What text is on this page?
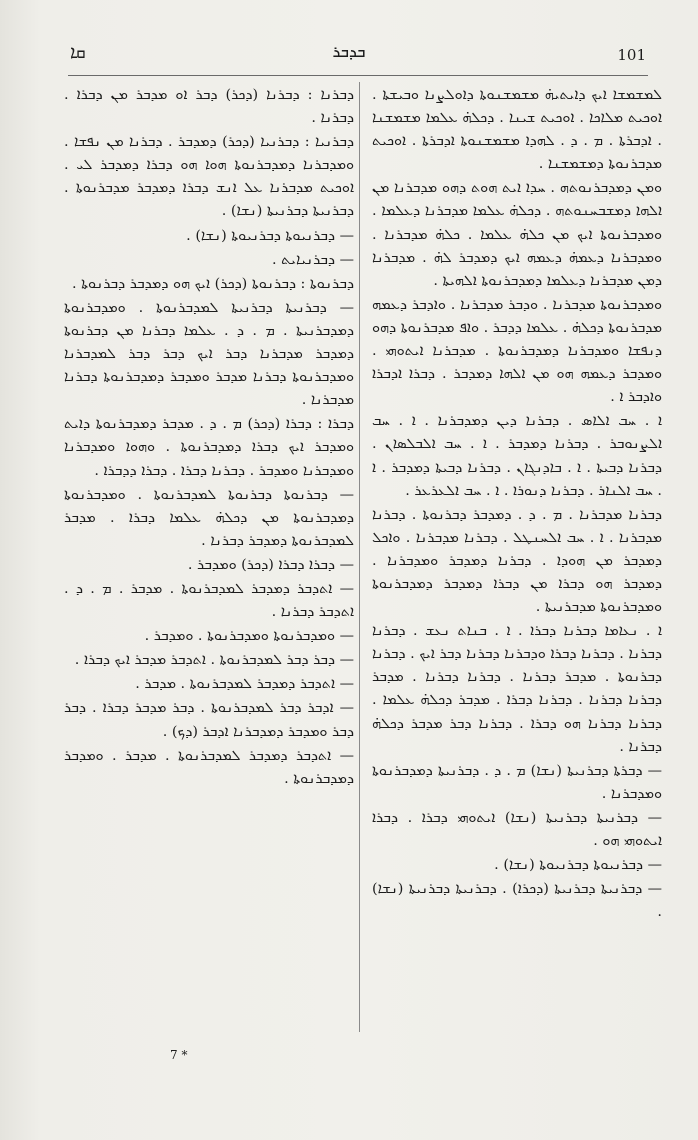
ܩܐ	ܒܕܒܪ	101

ܕܒܪܢܐ : ܕܒܪܢܐ (ܕܟܪ) ܕܒܪ ܐܘ ܡܕܒܪ ܡܢ ܕܒܪܐ . ܕܒܪܢܐ .

ܕܒܪܢܝܐ : ܕܒܪܢܝܐ (ܕܟܪ) ܕܡܕܒܪ . ܕܒܪܢܐ ܡܢ ܢܦܫܐ . ܘܡܕܒܪܢܐ ܕܡܕܒܪܢܘܬܐ ܗܘܐ ܗܘ ܕܒܪܐ ܕܡܕܒܪ ܠܝ . ܐܘܟܝܬ ܡܕܒܪܢܐ ܥܠ ܐܢܫ ܕܒܪܐ ܕܡܕܒܪ ܡܕܒܪܢܘܬܐ . ܕܒܪܢܝܬܐ ܕܒܪܢܝܬܐ (ܢܫܐ) .

— ܕܒܪܢܝܘܬܐ ܕܒܪܢܝܘܬܐ (ܢܫܐ) .

— ܕܒܪܢܝܐܝܬ .

ܕܒܪܢܘܬܐ : ܕܒܪܢܘܬܐ (ܕܟܪ) ܐܝܟ ܗܘ ܕܡܕܒܪ ܕܒܪܢܘܬܐ .

— ܕܒܪܢܝܬܐ ܕܒܪܢܝܬܐ ܠܡܕܒܪܢܘܬܐ . ܘܡܕܒܪܢܘܬܐ ܕܡܕܒܪܢܝܬܐ . ܡ . ܕ . ܥܠܡܐ ܕܒܪܢܐ ܡܢ ܕܒܪܢܘܬܐ ܕܡܕܒܪ ܡܕܒܪܢܐ ܕܒܪ ܐܝܟ ܕܒܪ ܕܒܪ ܠܡܕܒܪܢܐ ܘܡܕܒܪܢܘܬܐ ܕܒܪܢܐ ܡܕܒܪ ܘܡܕܒܪ ܕܡܕܒܪܢܘܬܐ ܕܒܪܢܐ ܡܕܒܪܢܐ .

ܕܒܪܐ : ܕܒܪܐ (ܕܟܪ) ܡ . ܕ . ܡܕܒܪ ܕܡܕܒܪܢܘܬܐ ܕܐܝܬ ܘܡܕܒܪ ܐܝܟ ܕܒܪܐ ܕܡܕܒܪܢܘܬܐ . ܘܗܘܐ ܘܡܕܒܪܢܐ ܘܡܕܒܪܢܐ ܘܡܕܒܪ . ܕܒܪܢܐ ܕܒܪܐ . ܕܒܪܐ ܕܕܒܪܐ .

— ܕܒܪܢܘܬܐ ܕܒܪܢܘܬܐ ܠܡܕܒܪܢܘܬܐ . ܘܡܕܒܪܢܘܬܐ ܕܡܕܒܪܢܘܬܐ ܡܢ ܕܟܠܗ̇ ܥܠܡܐ ܕܒܪܐ . ܡܕܒܪ ܠܡܕܒܪܢܘܬܐ ܕܡܕܒܪ ܕܒܪܢܐ .

— ܕܒܪܐ ܕܒܪܐ (ܕܟܪ) ܘܡܕܒܪ .

— ܐܬܕܒܪ ܕܡܕܒܪ ܠܡܕܒܪܢܘܬܐ . ܡܕܒܪ . ܡ . ܕ . ܐܬܕܒܪ ܕܒܪܢܐ .

— ܘܡܕܒܪܢܘܬܐ ܘܡܕܒܪܢܘܬܐ . ܘܡܕܒܪ .

— ܕܒܪ ܕܒܪ ܠܡܕܒܪܢܘܬܐ . ܐܬܕܒܪ ܡܕܒܪ ܐܝܟ ܕܒܪܐ .

— ܐܬܕܒܪ ܕܡܕܒܪ ܠܡܕܒܪܢܘܬܐ . ܡܕܒܪ .

— ܐܕܒܪ ܕܒܪ ܠܡܕܒܪܢܘܬܐ . ܕܒܪ ܡܕܒܪ ܕܒܪܐ . ܕܒܪ ܕܒܪ ܘܡܕܒܪ ܕܡܕܒܪܢܐ ܐܕܒܪ (ܕܟ) .

— ܐܬܕܒܪ ܕܡܕܒܪ ܠܡܕܒܪܢܘܬܐ . ܡܕܒܪ . ܘܡܕܒܪ ܕܡܕܒܪܢܘܬܐ .

ܠܡܫܡܫܐ ܐܝܟ ܕܐܝܬܝܗ̇ ܡܫܡܫܢܘܬܐ ܕܐܘܠܨܢܐ ܘܒܝܫܬܐ . ܐܘܟܝܬ ܡܠܐܟܐ . ܐܘܟܝܬ ܫܝܢܐ . ܕܟܠܗ̇ ܥܠܡܐ ܡܫܡܫܢܐ . ܐܕܒܪܬܐ . ܡ . ܕ . ܠܗܕܐ ܡܫܡܫܢܘܬܐ ܐܕܒܪܬܐ . ܐܘܟܝܬ ܡܕܒܪܢܘܬܐ ܕܡܫܡܫܢܐ .

ܘܡܢ ܕܡܕܒܪܢܘܬܗ . ܚܕܐ ܐܝܬ ܗܘܬ ܕܗܘ ܡܕܒܪܢܐ ܡܢ ܐܠܗܐ ܕܡܫܒܚܢܘܬܗ . ܕܟܠܗ̇ ܥܠܡܐ ܡܕܒܪܢܐ ܕܥܠܡܐ . ܘܡܕܒܪܢܘܬܐ ܐܝܟ ܡܢ ܟܠܗ̇ ܥܠܡܐ . ܟܠܗ̇ ܡܕܒܪܢܐ . ܘܡܕܒܪܢܐ ܕܥܡܗ̇ ܕܥܡܗ ܐܝܟ ܕܡܕܒܪ ܠܗ̇ . ܡܕܒܪܢܐ ܕܡܢ ܡܕܒܪܢܐ ܕܥܠܡܐ ܕܡܕܒܪܢܘܬܐ ܐܠܗܝܬܐ .

ܘܡܕܒܪܢܘܬܐ ܡܕܒܪܢܐ . ܘܕܒܪ ܡܕܒܪܢܐ . ܘܐܕܒܪ ܕܥܡܗ ܡܕܒܪܢܘܬܐ ܕܟܠܗ̇ . ܥܠܡܐ ܕܕܒܪ . ܘܐܦ ܡܕܒܪܢܘܬܐ ܕܗܘ ܕܢܦܫܐ ܘܡܕܒܪܢܐ ܕܡܕܒܪܢܘܬܐ . ܡܕܒܪܢܐ ܐܝܬܘܗܝ . ܘܡܕܒܪ ܕܥܡܗ ܗܘ ܡܢ ܐܠܗܐ ܕܡܕܒܪ . ܕܒܪܐ ܐܕܒܪܐ ܘܐܕܒܪ ܐ .

ܐ . ܚܒ ܐܠܐܣ . ܕܒܪܢܐ ܕܝܢ ܕܡܕܒܪܢܐ . ܐ . ܚܒ ܐܠܨܢܘܒܪ . ܕܒܪܢܐ ܕܡܕܒܪ . ܐ . ܚܒ ܐܠܒܠܣܐܢ . ܕܒܪܢܐ ܕܒܝܬܐ . ܐ . ܒܐܕܢܓܐܢ . ܕܒܪܢܐ ܕܒܝܬܐ ܕܡܕܒܪ . ܐ . ܚܒ ܐܠܢܐܪ . ܕܒܪܢܐ ܕܢܘܪܐ . ܐ . ܚܒ ܐܠܥܪܥܪ .

ܕܒܪܢܐ ܡܕܒܪܢܐ . ܡ . ܕ . ܕܡܕܒܪ ܕܒܪܢܘܬܐ . ܕܒܪܢܐ ܡܕܒܪܢܐ . ܐ . ܚܒ ܐܠܚܢܛܠ . ܕܒܪܢܐ ܡܕܒܪܢܐ . ܘܐܟܠ ܕܡܕܒܪ ܡܢ ܗܘܕܐ . ܕܒܪܢܐ ܕܡܕܒܪ ܘܡܕܒܪܢܐ . ܕܡܕܒܪ ܗܘ ܕܒܪܐ ܡܢ ܕܒܪܐ ܕܡܕܒܪ ܕܡܕܒܪܢܘܬܐ ܘܡܕܒܪܢܘܬܐ ܡܕܒܪܢܝܬܐ .

ܐ . ܢܥܐܡܐ ܕܒܪܢܐ ܕܒܪܐ . ܐ . ܒܢܐܬ ܢܥܫ . ܕܒܪܢܐ ܕܒܪܢܐ . ܕܒܪܢܐ ܕܒܪܐ ܘܕܒܪܢܐ ܕܒܪܢܐ ܕܒܪ ܐܝܟ . ܕܒܪܢܐ ܕܒܪܢܘܬܐ . ܡܕܒܪ ܕܒܪܢܐ . ܕܒܪܢܐ ܕܒܪܢܐ . ܡܕܒܪ ܕܒܪܢܐ ܕܒܪܢܐ . ܕܒܪܢܐ ܕܒܪܐ . ܡܕܒܪ ܕܟܠܗ̇ ܥܠܡܐ . ܕܒܪܢܐ ܕܒܪܢܐ ܗܘ ܕܒܪܐ . ܕܒܪܢܐ ܕܒܪ ܡܕܒܪ ܕܟܠܗ̇ ܕܒܪܢܐ .

— ܕܒܪܬܐ ܕܒܪܢܝܬܐ (ܢܫܐ) ܡ . ܕ . ܕܒܪܢܝܬܐ ܕܡܕܒܪܢܘܬܐ ܘܡܕܒܪܢܐ .

— ܕܒܪܢܝܬܐ ܕܒܪܢܝܬܐ (ܢܫܐ) ܐܝܬܘܗܝ ܕܒܪܐ . ܕܒܪܐ ܐܝܬܘܗܝ ܗܘ .

— ܕܒܪܢܝܘܬܐ ܕܒܪܢܝܘܬܐ (ܢܫܐ) .

— ܕܒܪܢܝܬܐ ܕܒܪܢܝܬܐ (ܕܟܪܐ) . ܕܒܪܢܝܬܐ ܕܒܪܢܝܬܐ (ܢܫܐ) .

7 *
